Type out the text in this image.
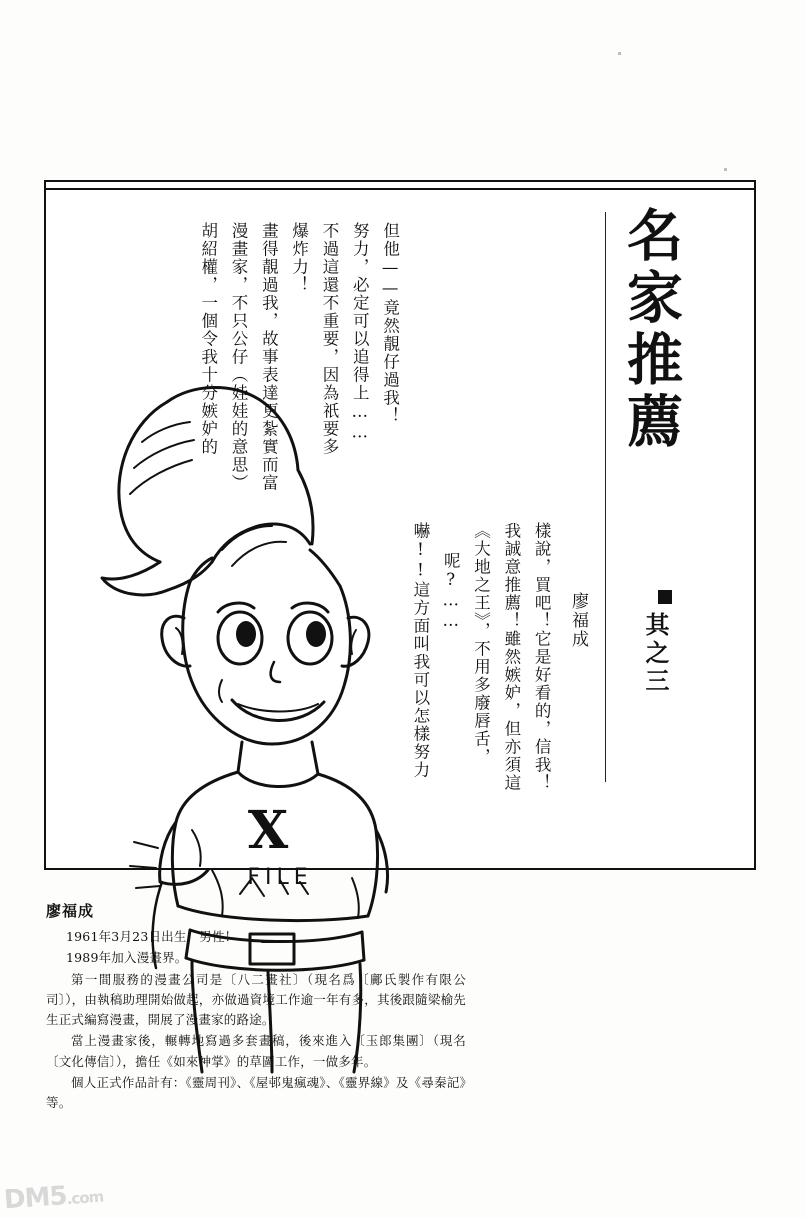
名家推薦
其之三
胡紹權，一個令我十分嫉妒的 漫畫家，不只公仔（娃娃的意思） 畫得靚過我，故事表達更紮實而富 爆炸力！ 不過這還不重要，因為祇要多 努力，必定可以追得上…… 但他——竟然靚仔過我！
嚇!!這方面叫我可以怎樣努力 呢?…… 《大地之王》，不用多廢唇舌， 我誠意推薦！雖然嫉妒，但亦須這 樣說，買吧！它是好看的，信我！ 廖福成
X
FILE
廖福成

1961年3月23日出生，男性！

1989年加入漫畫界。

第一間服務的漫畫公司是〔八二畫社〕（現名爲〔鄺氏製作有限公司〕），由執稿助理開始做起，亦做過資境工作逾一年有多，其後跟隨梁榆先生正式編寫漫畫，開展了漫畫家的路途。

當上漫畫家後，輾轉地寫過多套畫稿，後來進入〔玉郎集團〕（現名〔文化傳信〕），擔任《如來神掌》的草圖工作，一做多年。

個人正式作品計有：《靈周刊》、《屋邨鬼瘋魂》、《靈界線》及《尋秦記》等。

DM5.com
